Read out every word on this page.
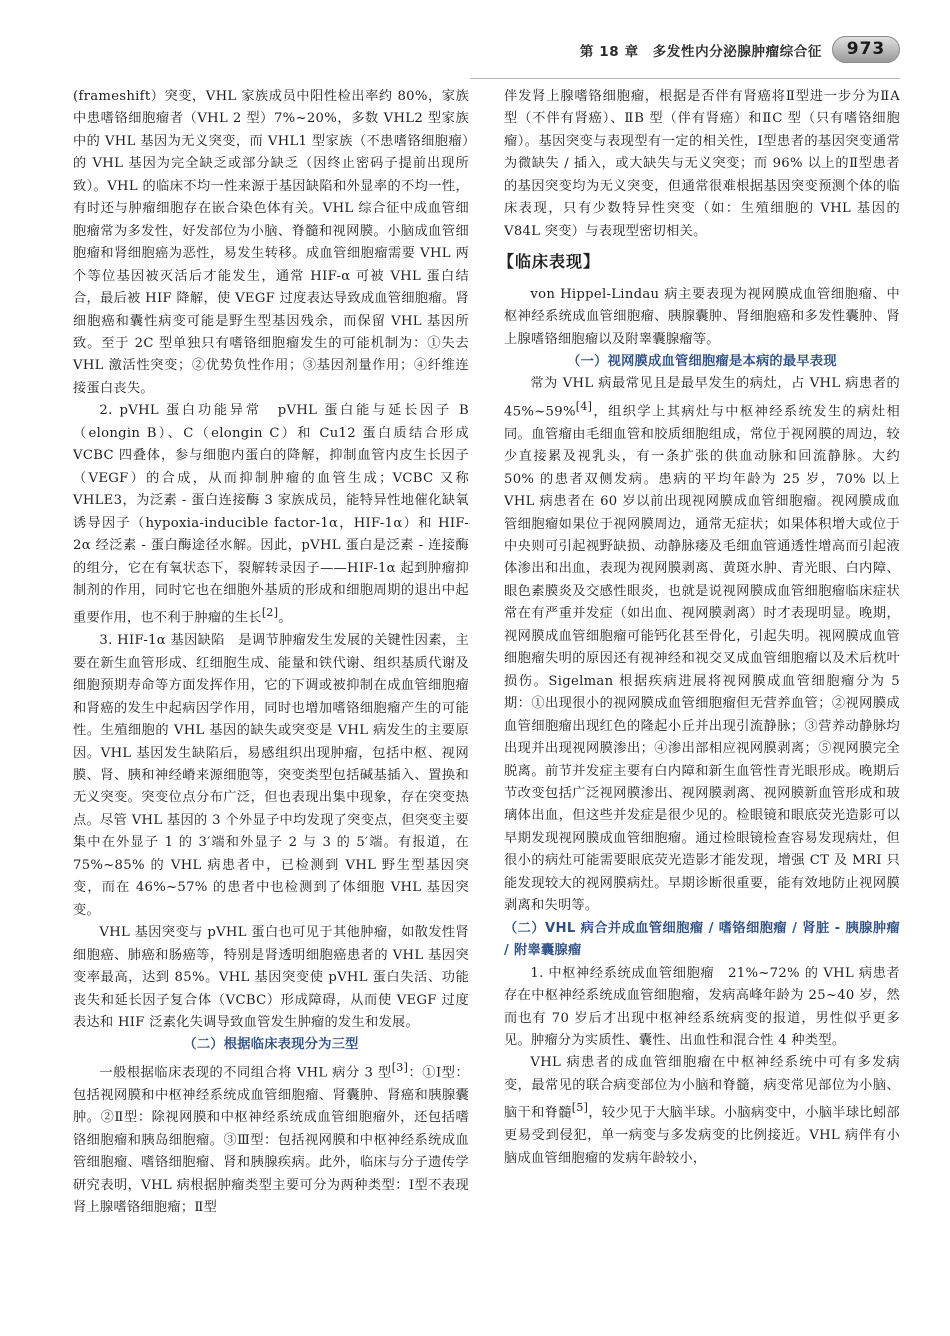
第 18 章　多发性内分泌腺肿瘤综合征	973

(frameshift）突变，VHL 家族成员中阳性检出率约 80%，家族中患嗜铬细胞瘤者（VHL 2 型）7%~20%，多数 VHL2 型家族中的 VHL 基因为无义突变，而 VHL1 型家族（不患嗜铬细胞瘤）的 VHL 基因为完全缺乏或部分缺乏（因终止密码子提前出现所致）。VHL 的临床不均一性来源于基因缺陷和外显率的不均一性，有时还与肿瘤细胞存在嵌合染色体有关。VHL 综合征中成血管细胞瘤常为多发性，好发部位为小脑、脊髓和视网膜。小脑成血管细胞瘤和肾细胞癌为恶性，易发生转移。成血管细胞瘤需要 VHL 两个等位基因被灭活后才能发生，通常 HIF-α 可被 VHL 蛋白结合，最后被 HIF 降解，使 VEGF 过度表达导致成血管细胞瘤。肾细胞癌和囊性病变可能是野生型基因残余，而保留 VHL 基因所致。至于 2C 型单独只有嗜铬细胞瘤发生的可能机制为：①失去 VHL 激活性突变；②优势负性作用；③基因剂量作用；④纤维连接蛋白丧失。

2. pVHL 蛋白功能异常　pVHL 蛋白能与延长因子 B（elongin B）、C（elongin C）和 Cu12 蛋白质结合形成 VCBC 四叠体，参与细胞内蛋白的降解，抑制血管内皮生长因子（VEGF）的合成，从而抑制肿瘤的血管生成；VCBC 又称 VHLE3，为泛素 - 蛋白连接酶 3 家族成员，能特异性地催化缺氧诱导因子（hypoxia-inducible factor-1α，HIF-1α）和 HIF-2α 经泛素 - 蛋白酶途径水解。因此，pVHL 蛋白是泛素 - 连接酶的组分，它在有氧状态下，裂解转录因子——HIF-1α 起到肿瘤抑制剂的作用，同时它也在细胞外基质的形成和细胞周期的退出中起重要作用，也不利于肿瘤的生长[2]。

3. HIF-1α 基因缺陷　是调节肿瘤发生发展的关键性因素，主要在新生血管形成、红细胞生成、能量和铁代谢、组织基质代谢及细胞预期寿命等方面发挥作用，它的下调或被抑制在成血管细胞瘤和肾癌的发生中起病因学作用，同时也增加嗜铬细胞瘤产生的可能性。生殖细胞的 VHL 基因的缺失或突变是 VHL 病发生的主要原因。VHL 基因发生缺陷后，易感组织出现肿瘤，包括中枢、视网膜、肾、胰和神经嵴来源细胞等，突变类型包括碱基插入、置换和无义突变。突变位点分布广泛，但也表现出集中现象，存在突变热点。尽管 VHL 基因的 3 个外显子中均发现了突变点，但突变主要集中在外显子 1 的 3′端和外显子 2 与 3 的 5′端。有报道，在 75%~85% 的 VHL 病患者中，已检测到 VHL 野生型基因突变，而在 46%~57% 的患者中也检测到了体细胞 VHL 基因突变。

VHL 基因突变与 pVHL 蛋白也可见于其他肿瘤，如散发性肾细胞癌、肺癌和肠癌等，特别是肾透明细胞癌患者的 VHL 基因突变率最高，达到 85%。VHL 基因突变使 pVHL 蛋白失活、功能丧失和延长因子复合体（VCBC）形成障碍，从而使 VEGF 过度表达和 HIF 泛素化失调导致血管发生肿瘤的发生和发展。

（二）根据临床表现分为三型

一般根据临床表现的不同组合将 VHL 病分 3 型[3]：①Ⅰ型：包括视网膜和中枢神经系统成血管细胞瘤、肾囊肿、肾癌和胰腺囊肿。②Ⅱ型：除视网膜和中枢神经系统成血管细胞瘤外，还包括嗜铬细胞瘤和胰岛细胞瘤。③Ⅲ型：包括视网膜和中枢神经系统成血管细胞瘤、嗜铬细胞瘤、肾和胰腺疾病。此外，临床与分子遗传学研究表明，VHL 病根据肿瘤类型主要可分为两种类型：Ⅰ型不表现肾上腺嗜铬细胞瘤；Ⅱ型

伴发肾上腺嗜铬细胞瘤，根据是否伴有肾癌将Ⅱ型进一步分为ⅡA 型（不伴有肾癌）、ⅡB 型（伴有肾癌）和ⅡC 型（只有嗜铬细胞瘤）。基因突变与表现型有一定的相关性，Ⅰ型患者的基因突变通常为微缺失 / 插入，或大缺失与无义突变；而 96% 以上的Ⅱ型患者的基因突变均为无义突变，但通常很难根据基因突变预测个体的临床表现，只有少数特异性突变（如：生殖细胞的 VHL 基因的 V84L 突变）与表现型密切相关。

【临床表现】

von Hippel-Lindau 病主要表现为视网膜成血管细胞瘤、中枢神经系统成血管细胞瘤、胰腺囊肿、肾细胞癌和多发性囊肿、肾上腺嗜铬细胞瘤以及附睾囊腺瘤等。

（一）视网膜成血管细胞瘤是本病的最早表现

常为 VHL 病最常见且是最早发生的病灶，占 VHL 病患者的 45%~59%[4]，组织学上其病灶与中枢神经系统发生的病灶相同。血管瘤由毛细血管和胶质细胞组成，常位于视网膜的周边，较少直接累及视乳头，有一条扩张的供血动脉和回流静脉。大约 50% 的患者双侧发病。患病的平均年龄为 25 岁，70% 以上 VHL 病患者在 60 岁以前出现视网膜成血管细胞瘤。视网膜成血管细胞瘤如果位于视网膜周边，通常无症状；如果体积增大或位于中央则可引起视野缺损、动静脉瘘及毛细血管通透性增高而引起液体渗出和出血，表现为视网膜剥离、黄斑水肿、青光眼、白内障、眼色素膜炎及交感性眼炎，也就是说视网膜成血管细胞瘤临床症状常在有严重并发症（如出血、视网膜剥离）时才表现明显。晚期，视网膜成血管细胞瘤可能钙化甚至骨化，引起失明。视网膜成血管细胞瘤失明的原因还有视神经和视交叉成血管细胞瘤以及术后枕叶损伤。Sigelman 根据疾病进展将视网膜成血管细胞瘤分为 5 期：①出现很小的视网膜成血管细胞瘤但无营养血管；②视网膜成血管细胞瘤出现红色的隆起小丘并出现引流静脉；③营养动静脉均出现并出现视网膜渗出；④渗出部相应视网膜剥离；⑤视网膜完全脱离。前节并发症主要有白内障和新生血管性青光眼形成。晚期后节改变包括广泛视网膜渗出、视网膜剥离、视网膜新血管形成和玻璃体出血，但这些并发症是很少见的。检眼镜和眼底荧光造影可以早期发现视网膜成血管细胞瘤。通过检眼镜检查容易发现病灶，但很小的病灶可能需要眼底荧光造影才能发现，增强 CT 及 MRI 只能发现较大的视网膜病灶。早期诊断很重要，能有效地防止视网膜剥离和失明等。

（二）VHL 病合并成血管细胞瘤 / 嗜铬细胞瘤 / 肾脏 - 胰腺肿瘤 / 附睾囊腺瘤

1. 中枢神经系统成血管细胞瘤　21%~72% 的 VHL 病患者存在中枢神经系统成血管细胞瘤，发病高峰年龄为 25~40 岁，然而也有 70 岁后才出现中枢神经系统病变的报道，男性似乎更多见。肿瘤分为实质性、囊性、出血性和混合性 4 种类型。

VHL 病患者的成血管细胞瘤在中枢神经系统中可有多发病变，最常见的联合病变部位为小脑和脊髓，病变常见部位为小脑、脑干和脊髓[5]，较少见于大脑半球。小脑病变中，小脑半球比蚓部更易受到侵犯，单一病变与多发病变的比例接近。VHL 病伴有小脑成血管细胞瘤的发病年龄较小，
